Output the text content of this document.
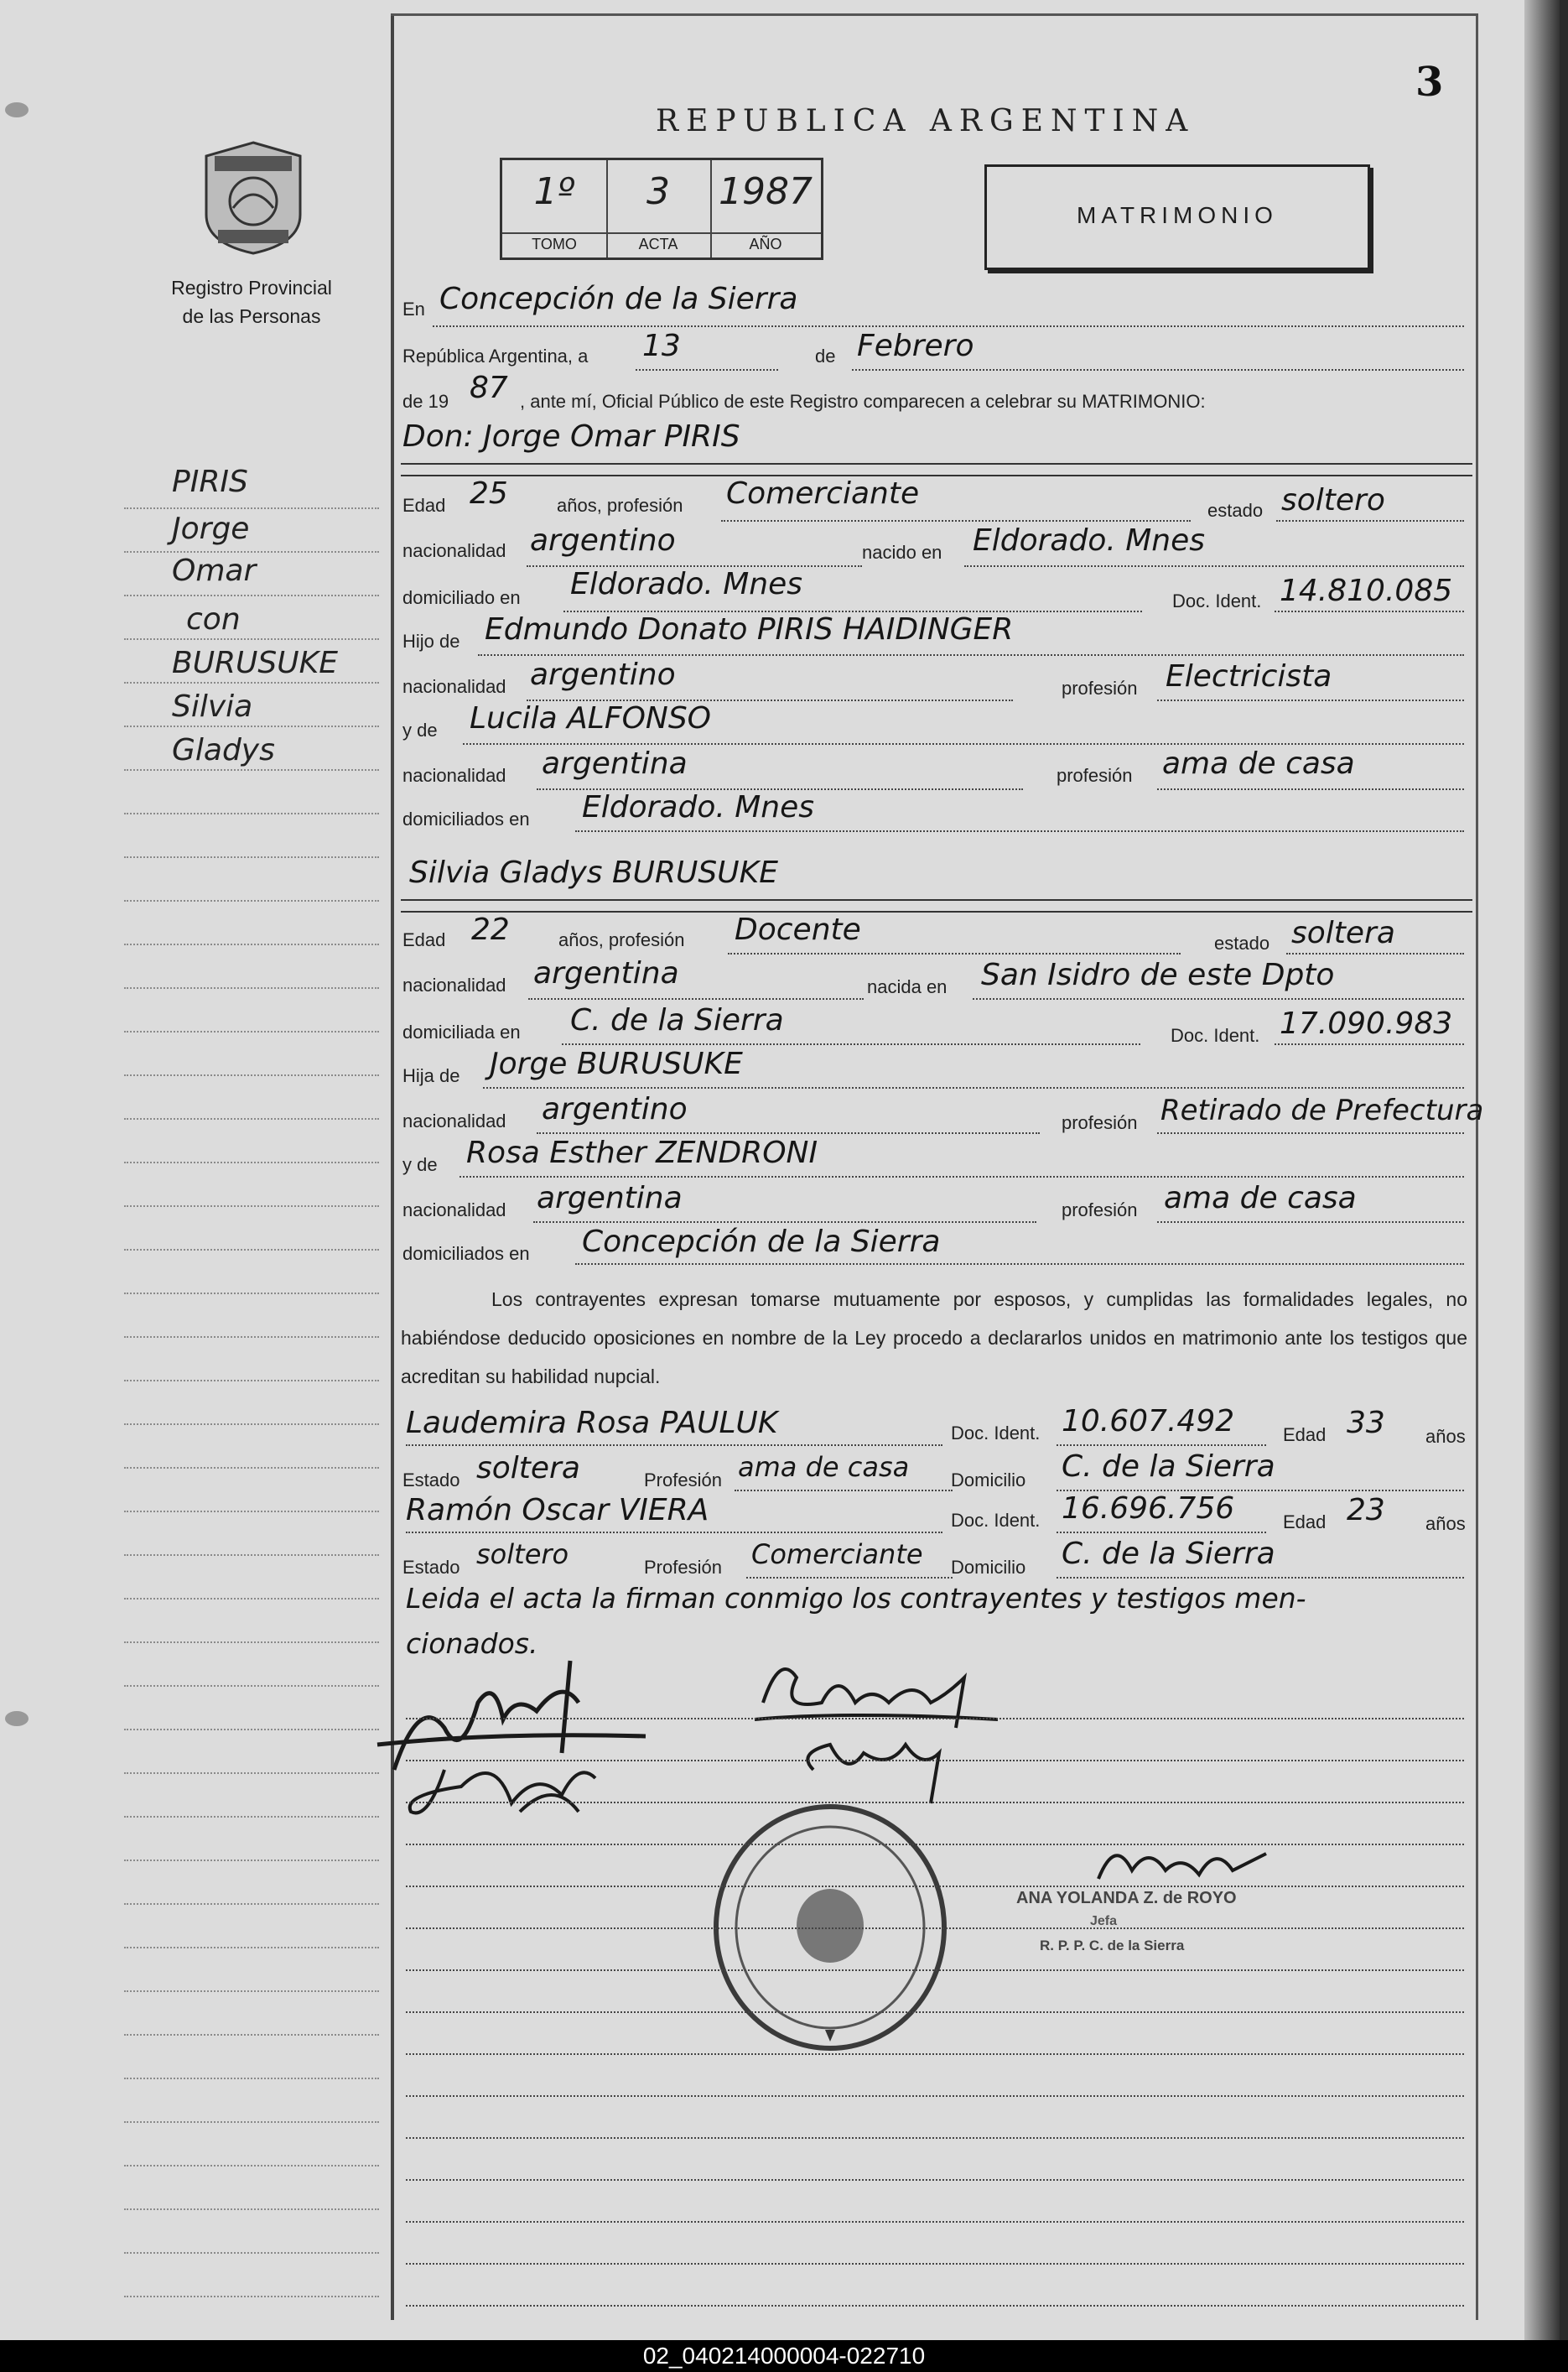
3
Registro Provincial
de las Personas
REPUBLICA ARGENTINA
1º
TOMO
3
ACTA
1987
AÑO
MATRIMONIO
PIRIS
Jorge
Omar
con
BURUSUKE
Silvia
Gladys
En Concepción de la Sierra
República Argentina, a 13	de Febrero
de 19 87 , ante mí, Oficial Público de este Registro comparecen a celebrar su MATRIMONIO:
Don: Jorge Omar PIRIS
Edad 25	años, profesión Comerciante	estado soltero
nacionalidad argentino	nacido en Eldorado. Mnes
domiciliado en Eldorado. Mnes	Doc. Ident. 14.810.085
Hijo de Edmundo Donato PIRIS HAIDINGER
nacionalidad argentino	profesión Electricista
y de Lucila ALFONSO
nacionalidad argentina	profesión ama de casa
domiciliados en Eldorado. Mnes
Silvia Gladys BURUSUKE
Edad 22	años, profesión Docente	estado soltera
nacionalidad argentina	nacida en San Isidro de este Dpto
domiciliada en C. de la Sierra	Doc. Ident. 17.090.983
Hija de Jorge BURUSUKE
nacionalidad argentino	profesión Retirado de Prefectura
y de Rosa Esther ZENDRONI
nacionalidad argentina	profesión ama de casa
domiciliados en Concepción de la Sierra
Los contrayentes expresan tomarse mutuamente por esposos, y cumplidas las formalidades legales, no habiéndose deducido oposiciones en nombre de la Ley procedo a declararlos unidos en matrimonio ante los testigos que acreditan su habilidad nupcial.
Laudemira Rosa PAULUK	Doc. Ident. 10.607.492	Edad 33 años
Estado soltera	Profesión ama de casa Domicilio C. de la Sierra
Ramón Oscar VIERA	Doc. Ident. 16.696.756	Edad 23 años
Estado soltero	Profesión Comerciante Domicilio C. de la Sierra
Leida el acta la firman conmigo los contrayentes y testigos men-
cionados.
ANA YOLANDA Z. de ROYO
Jefa
R. P. P. C. de la Sierra
02_040214000004-022710
